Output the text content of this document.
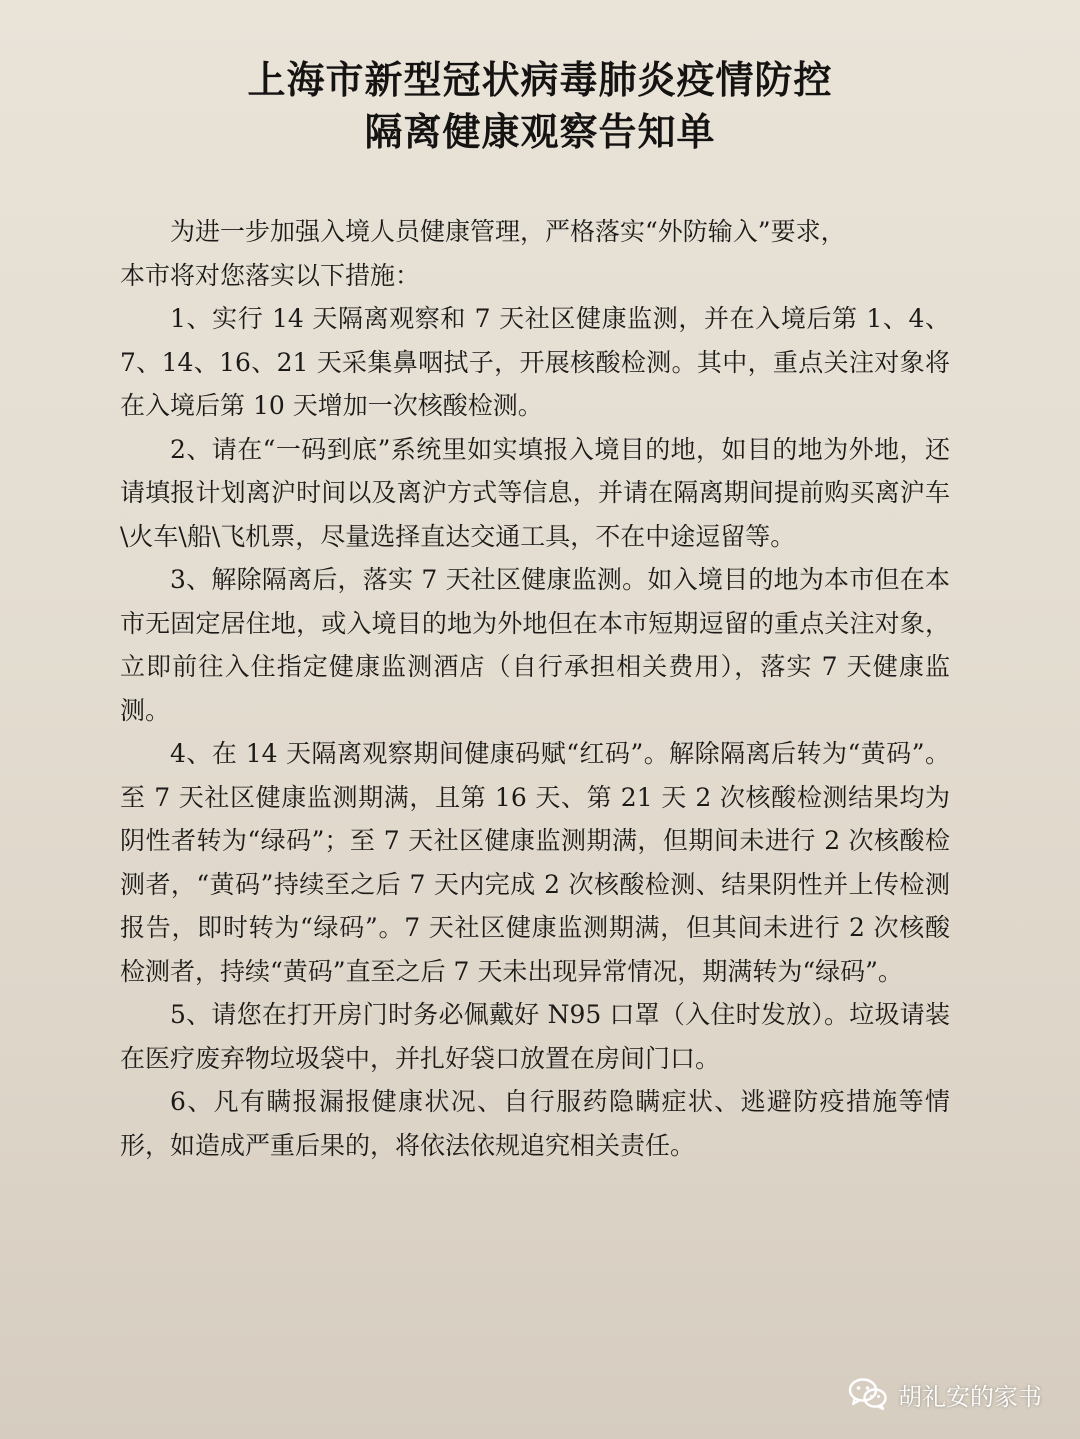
上海市新型冠状病毒肺炎疫情防控
隔离健康观察告知单

为进一步加强入境人员健康管理，严格落实“外防输入”要求，

本市将对您落实以下措施：

1、实行 14 天隔离观察和 7 天社区健康监测，并在入境后第 1、4、7、14、16、21 天采集鼻咽拭子，开展核酸检测。其中，重点关注对象将在入境后第 10 天增加一次核酸检测。

2、请在“一码到底”系统里如实填报入境目的地，如目的地为外地，还请填报计划离沪时间以及离沪方式等信息，并请在隔离期间提前购买离沪车\火车\船\飞机票，尽量选择直达交通工具，不在中途逗留等。

3、解除隔离后，落实 7 天社区健康监测。如入境目的地为本市但在本市无固定居住地，或入境目的地为外地但在本市短期逗留的重点关注对象，立即前往入住指定健康监测酒店（自行承担相关费用），落实 7 天健康监测。

4、在 14 天隔离观察期间健康码赋“红码”。解除隔离后转为“黄码”。至 7 天社区健康监测期满，且第 16 天、第 21 天 2 次核酸检测结果均为阴性者转为“绿码”；至 7 天社区健康监测期满，但期间未进行 2 次核酸检测者，“黄码”持续至之后 7 天内完成 2 次核酸检测、结果阴性并上传检测报告，即时转为“绿码”。7 天社区健康监测期满，但其间未进行 2 次核酸检测者，持续“黄码”直至之后 7 天未出现异常情况，期满转为“绿码”。

5、请您在打开房门时务必佩戴好 N95 口罩（入住时发放）。垃圾请装在医疗废弃物垃圾袋中，并扎好袋口放置在房间门口。

6、凡有瞒报漏报健康状况、自行服药隐瞒症状、逃避防疫措施等情形，如造成严重后果的，将依法依规追究相关责任。

胡礼安的家书
